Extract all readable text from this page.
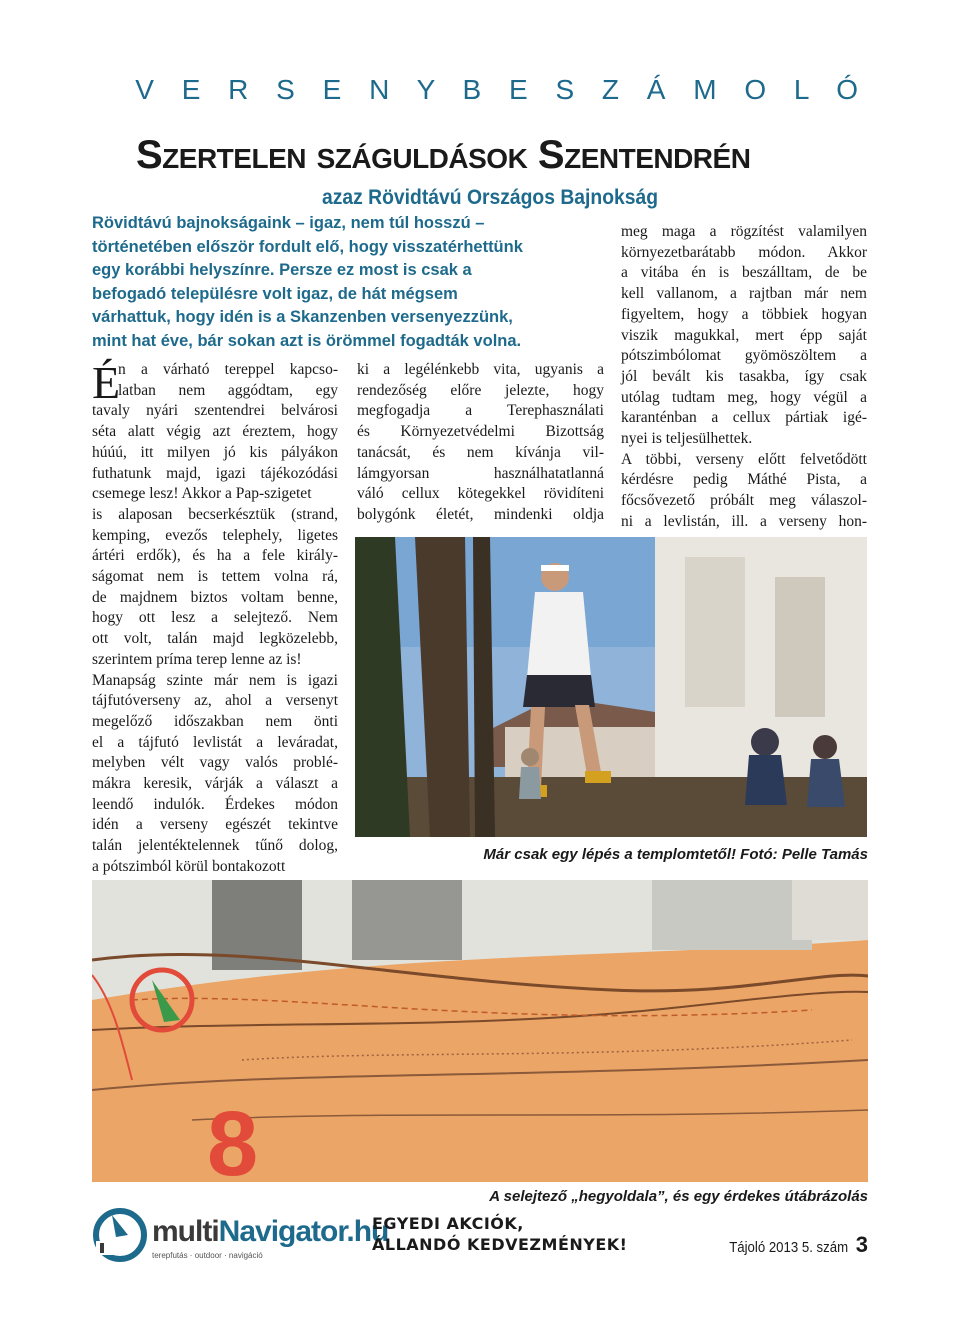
V E R S E N Y B E S Z Á M O L Ó
Szertelen száguldások Szentendrén
azaz Rövidtávú Országos Bajnokság
Rövidtávú bajnokságaink – igaz, nem túl hosszú –
történetében először fordult elő, hogy visszatérhettünk
egy korábbi helyszínre. Persze ez most is csak a
befogadó településre volt igaz, de hát mégsem
várhattuk, hogy idén is a Skanzenben versenyezzünk,
mint hat éve, bár sokan azt is örömmel fogadták volna.
É
n a várható tereppel kapcso-
latban nem aggódtam, egy
tavaly nyári szentendrei belvárosi
séta alatt végig azt éreztem, hogy
húúú, itt milyen jó kis pályákon
futhatunk majd, igazi tájékozódási
csemege lesz! Akkor a Pap-szigetet
is alaposan becserkésztük (strand,
kemping, evezős telephely, ligetes
ártéri erdők), és ha a fele király-
ságomat nem is tettem volna rá,
de majdnem biztos voltam benne,
hogy ott lesz a selejtező. Nem
ott volt, talán majd legközelebb,
szerintem príma terep lenne az is!
Manapság szinte már nem is igazi
tájfutóverseny az, ahol a versenyt
megelőző időszakban nem önti
el a tájfutó levlistát a leváradat,
melyben vélt vagy valós problé-
mákra keresik, várják a választ a
leendő indulók. Érdekes módon
idén a verseny egészét tekintve
talán jelentéktelennek tűnő dolog,
a pótszimból körül bontakozott
ki a legélénkebb vita, ugyanis a
rendezőség előre jelezte, hogy
megfogadja a Terephasználati
és Környezetvédelmi Bizottság
tanácsát, és nem kívánja vil-
lámgyorsan használhatatlanná
váló cellux kötegekkel rövidíteni
bolygónk életét, mindenki oldja
meg maga a rögzítést valamilyen
környezetbarátabb módon. Akkor
a vitába én is beszálltam, de be
kell vallanom, a rajtban már nem
figyeltem, hogy a többiek hogyan
viszik magukkal, mert épp saját
pótszimbólomat gyömöszöltem a
jól bevált kis tasakba, így csak
utólag tudtam meg, hogy végül a
karanténban a cellux pártiak igé-
nyei is teljesülhettek.
A többi, verseny előtt felvetődött
kérdésre pedig Máthé Pista, a
főcsővezető próbált meg válaszol-
ni a levlistán, ill. a verseny hon-
Már csak egy lépés a templomtetől! Fotó: Pelle Tamás
8
A selejtező „hegyoldala”, és egy érdekes útábrázolás
multiNavigator.hu
terepfutás · outdoor · navigáció
EGYEDI AKCIÓK,
ÁLLANDÓ KEDVEZMÉNYEK!	Tájoló 2013 5. szám 3
